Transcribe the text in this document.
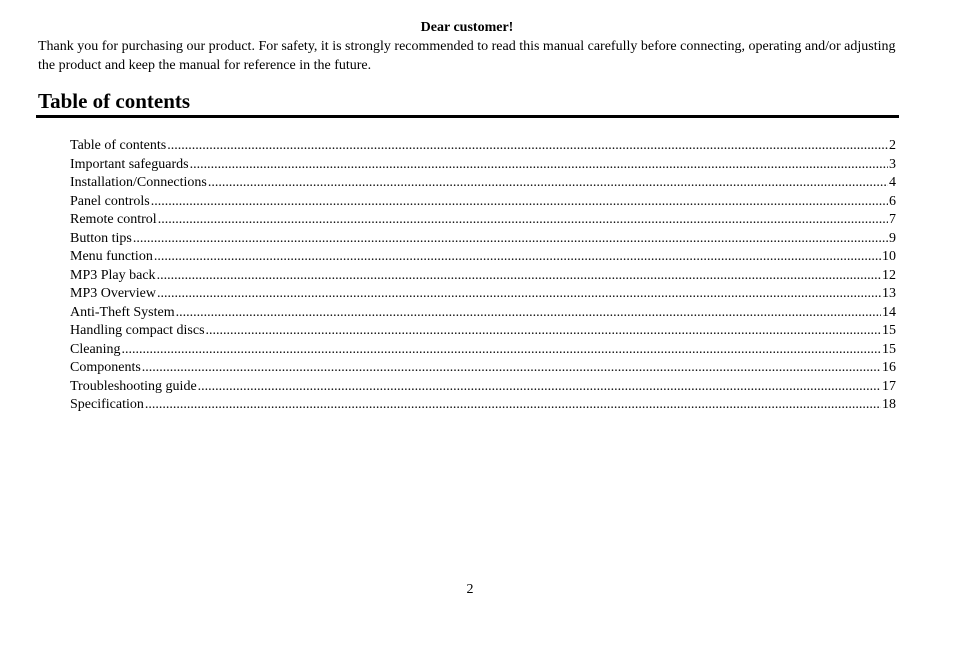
Dear customer!

Thank you for purchasing our product. For safety, it is strongly recommended to read this manual carefully before connecting, operating and/or adjusting the product and keep the manual for reference in the future.

Table of contents
Table of contents .....	2
Important safeguards .....	3
Installation/Connections .....	4
Panel controls .....	6
Remote control .....	7
Button tips .....	9
Menu function .....	10
MP3 Play back .....	12
MP3 Overview .....	13
Anti-Theft System .....	14
Handling compact discs .....	15
Cleaning .....	15
Components .....	16
Troubleshooting guide .....	17
Specification .....	18
2
